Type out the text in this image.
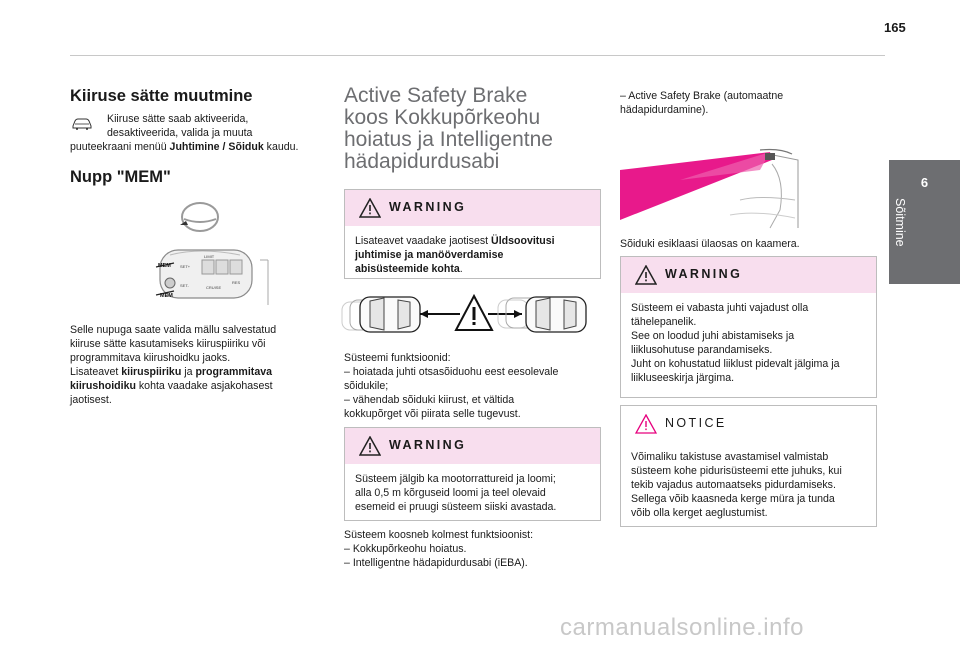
165
6
Sõitmine
Kiiruse sätte muutmine
Kiiruse sätte saab aktiveerida,
desaktiveerida, valida ja muuta
puuteekraani menüü Juhtimine / Sõiduk kaudu.
Nupp "MEM"
MEM
MEM
SET+
SET-
LIMIT
CRUISE
RES

Selle nupuga saate valida mällu salvestatud

kiiruse sätte kasutamiseks kiiruspiiriku või

programmitava kiirushoidku jaoks.

Lisateavet kiiruspiiriku ja programmitava

kiirushoidiku kohta vaadake asjakohasest

jaotisest.

Active Safety Brake

koos Kokkupõrkeohu

hoiatus ja Intelligentne

hädapidurdusabi

WARNING

Lisateavet vaadake jaotisest Üldsoovitusi

juhtimise ja manööverdamise

abisüsteemide kohta.

Süsteemi funktsioonid:

– hoiatada juhti otsasõiduohu eest eesolevale

sõidukile;

– vähendab sõiduki kiirust, et vältida

kokkupõrget või piirata selle tugevust.

WARNING

Süsteem jälgib ka mootorrattureid ja loomi;

alla 0,5 m kõrguseid loomi ja teel olevaid

esemeid ei pruugi süsteem siiski avastada.

Süsteem koosneb kolmest funktsioonist:

– Kokkupõrkeohu hoiatus.

– Intelligentne hädapidurdusabi (iEBA).

– Active Safety Brake (automaatne

hädapidurdamine).

Sõiduki esiklaasi ülaosas on kaamera.
WARNING

Süsteem ei vabasta juhti vajadust olla

tähelepanelik.

See on loodud juhi abistamiseks ja

liiklusohutuse parandamiseks.

Juht on kohustatud liiklust pidevalt jälgima ja

liikluseeskirja järgima.

NOTICE

Võimaliku takistuse avastamisel valmistab

süsteem kohe pidurisüsteemi ette juhuks, kui

tekib vajadus automaatseks pidurdamiseks.

Sellega võib kaasneda kerge müra ja tunda

võib olla kerget aeglustumist.

carmanualsonline.info
